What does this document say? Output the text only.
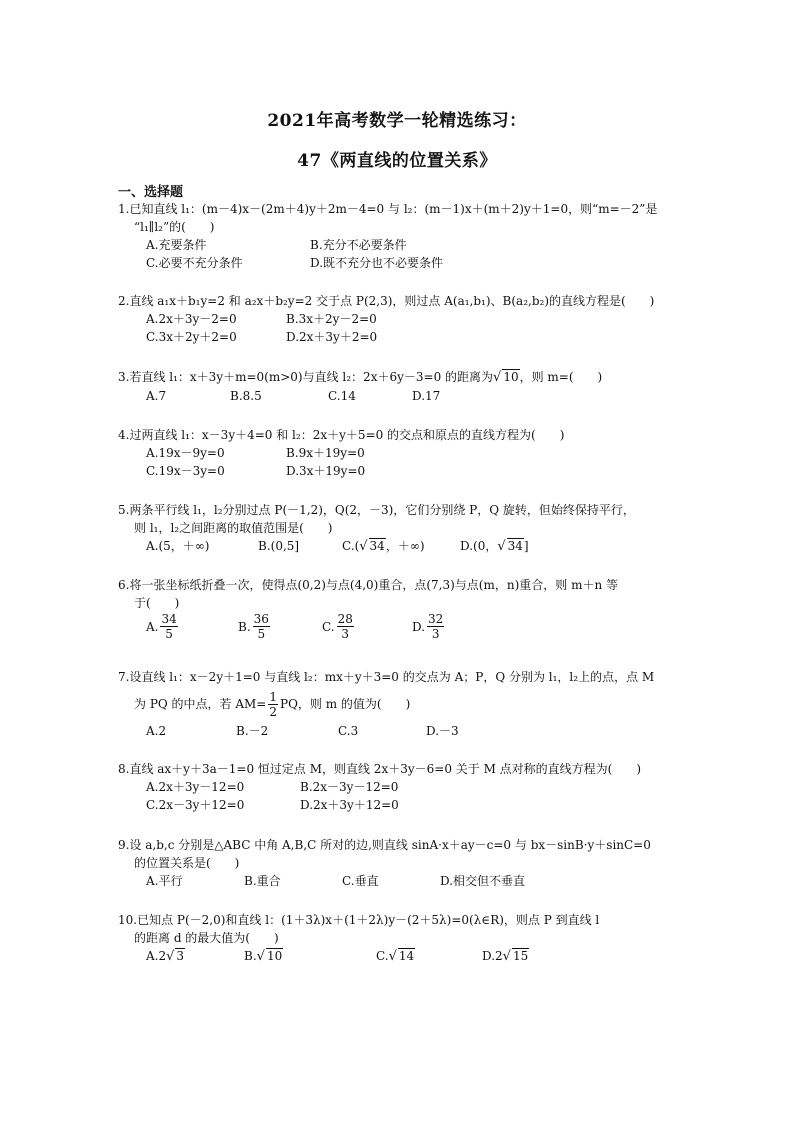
2021年高考数学一轮精选练习：
47《两直线的位置关系》
一、选择题
1.已知直线 l₁：(m－4)x－(2m＋4)y＋2m－4=0 与 l₂：(m－1)x＋(m＋2)y＋1=0，则“m=－2”是
“l₁∥l₂”的(　　)
A.充要条件	B.充分不必要条件
C.必要不充分条件	D.既不充分也不必要条件
2.直线 a₁x＋b₁y=2 和 a₂x＋b₂y=2 交于点 P(2,3)，则过点 A(a₁,b₁)、B(a₂,b₂)的直线方程是(　　)
A.2x＋3y－2=0	B.3x＋2y－2=0
C.3x＋2y＋2=0	D.2x＋3y＋2=0
3.若直线 l₁：x＋3y＋m=0(m>0)与直线 l₂：2x＋6y－3=0 的距离为√ 10，则 m=(　　)
A.7	B.8.5	C.14	D.17
4.过两直线 l₁：x－3y＋4=0 和 l₂：2x＋y＋5=0 的交点和原点的直线方程为(　　)
A.19x－9y=0	B.9x＋19y=0
C.19x－3y=0	D.3x＋19y=0
5.两条平行线 l₁，l₂分别过点 P(－1,2)，Q(2，－3)，它们分别绕 P，Q 旋转，但始终保持平行，
则 l₁，l₂之间距离的取值范围是(　　)
A.(5，＋∞)	B.(0,5]	C.(√ 34，＋∞)	D.(0，√ 34]
6.将一张坐标纸折叠一次，使得点(0,2)与点(4,0)重合，点(7,3)与点(m，n)重合，则 m＋n 等
于(　　)
A. $\frac{34}{5}$	B. $\frac{36}{5}$	C. $\frac{28}{3}$	D. $\frac{32}{3}$
7.设直线 l₁：x－2y＋1=0 与直线 l₂：mx＋y＋3=0 的交点为 A；P，Q 分别为 l₁，l₂上的点，点 M
为 PQ 的中点，若 $AM= \frac{1}{2}$ PQ，则 m 的值为(　　)
A.2	B.－2	C.3	D.－3
8.直线 ax＋y＋3a－1=0 恒过定点 M，则直线 2x＋3y－6=0 关于 M 点对称的直线方程为(　　)
A.2x＋3y－12=0	B.2x－3y－12=0
C.2x－3y＋12=0	D.2x＋3y＋12=0
9.设 a,b,c 分别是△ABC 中角 A,B,C 所对的边,则直线 sinA·x＋ay－c=0 与 bx－sinB·y＋sinC=0
的位置关系是(　　)
A.平行	B.重合	C.垂直	D.相交但不垂直
10.已知点 P(－2,0)和直线 l：(1＋3λ)x＋(1＋2λ)y－(2＋5λ)=0(λ∈R)，则点 P 到直线 l
的距离 d 的最大值为(　　)
A.2√ 3	B.√ 10	C.√ 14	D.2√ 15
